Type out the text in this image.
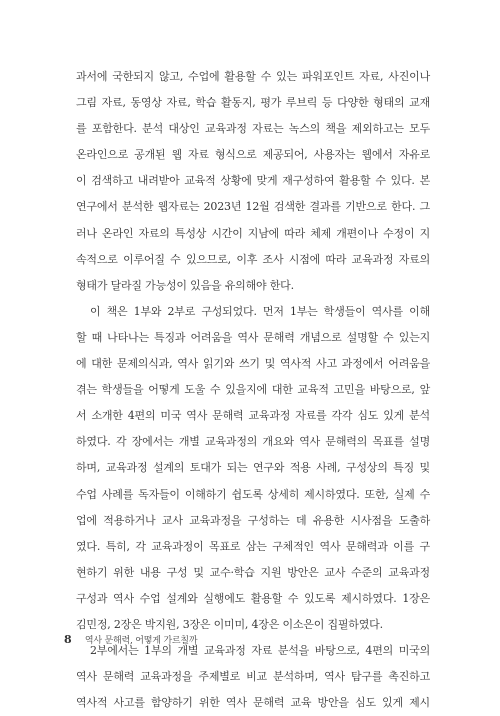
과서에 국한되지 않고, 수업에 활용할 수 있는 파워포인트 자료, 사진이나
그림 자료, 동영상 자료, 학습 활동지, 평가 루브릭 등 다양한 형태의 교재
를 포함한다. 분석 대상인 교육과정 자료는 녹스의 책을 제외하고는 모두
온라인으로 공개된 웹 자료 형식으로 제공되어, 사용자는 웹에서 자유로
이 검색하고 내려받아 교육적 상황에 맞게 재구성하여 활용할 수 있다. 본
연구에서 분석한 웹자료는 2023년 12월 검색한 결과를 기반으로 한다. 그
러나 온라인 자료의 특성상 시간이 지남에 따라 체제 개편이나 수정이 지
속적으로 이루어질 수 있으므로, 이후 조사 시점에 따라 교육과정 자료의
형태가 달라질 가능성이 있음을 유의해야 한다.
이 책은 1부와 2부로 구성되었다. 먼저 1부는 학생들이 역사를 이해
할 때 나타나는 특징과 어려움을 역사 문해력 개념으로 설명할 수 있는지
에 대한 문제의식과, 역사 읽기와 쓰기 및 역사적 사고 과정에서 어려움을
겪는 학생들을 어떻게 도울 수 있을지에 대한 교육적 고민을 바탕으로, 앞
서 소개한 4편의 미국 역사 문해력 교육과정 자료를 각각 심도 있게 분석
하였다. 각 장에서는 개별 교육과정의 개요와 역사 문해력의 목표를 설명
하며, 교육과정 설계의 토대가 되는 연구와 적용 사례, 구성상의 특징 및
수업 사례를 독자들이 이해하기 쉽도록 상세히 제시하였다. 또한, 실제 수
업에 적용하거나 교사 교육과정을 구성하는 데 유용한 시사점을 도출하
였다. 특히, 각 교육과정이 목표로 삼는 구체적인 역사 문해력과 이를 구
현하기 위한 내용 구성 및 교수·학습 지원 방안은 교사 수준의 교육과정
구성과 역사 수업 설계와 실행에도 활용할 수 있도록 제시하였다. 1장은
김민정, 2장은 박지원, 3장은 이미미, 4장은 이소은이 집필하였다.
2부에서는 1부의 개별 교육과정 자료 분석을 바탕으로, 4편의 미국의
역사 문해력 교육과정을 주제별로 비교 분석하며, 역사 탐구를 촉진하고
역사적 사고를 함양하기 위한 역사 문해력 교육 방안을 심도 있게 제시
8 역사 문해력, 어떻게 가르칠까
